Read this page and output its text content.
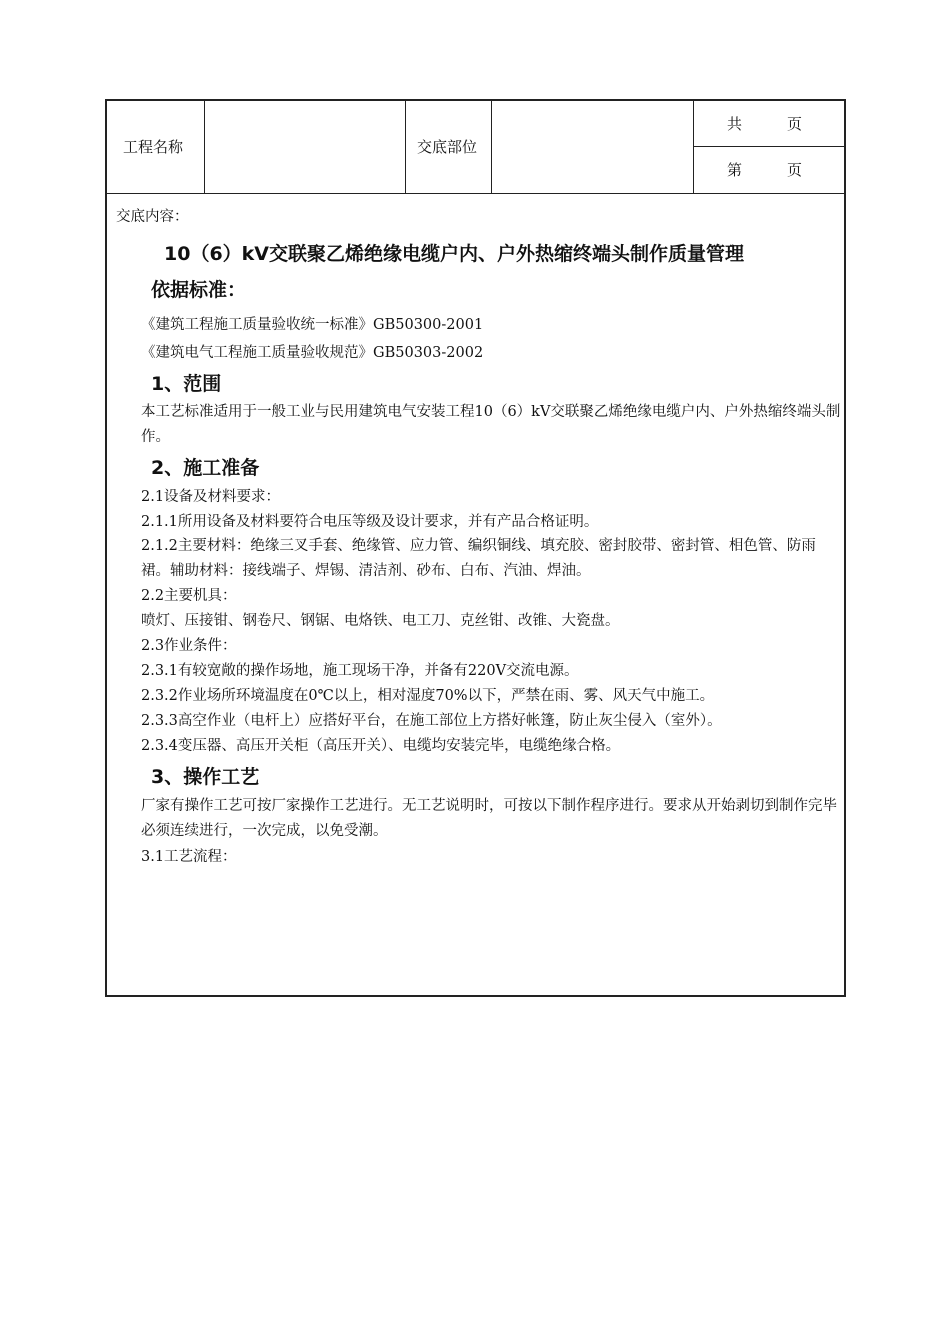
工程名称	交底部位
共　　　页
第　　　页
交底内容：
10（6）kV交联聚乙烯绝缘电缆户内、户外热缩终端头制作质量管理
依据标准：
《建筑工程施工质量验收统一标准》GB50300-2001
《建筑电气工程施工质量验收规范》GB50303-2002
1、范围
本工艺标准适用于一般工业与民用建筑电气安装工程10（6）kV交联聚乙烯绝缘电缆户内、户外热缩终端头制作。
2、施工准备
2.1设备及材料要求：
2.1.1所用设备及材料要符合电压等级及设计要求，并有产品合格证明。
2.1.2主要材料：绝缘三叉手套、绝缘管、应力管、编织铜线、填充胶、密封胶带、密封管、相色管、防雨裙。辅助材料：接线端子、焊锡、清洁剂、砂布、白布、汽油、焊油。
2.2主要机具：
喷灯、压接钳、钢卷尺、钢锯、电烙铁、电工刀、克丝钳、改锥、大瓷盘。
2.3作业条件：
2.3.1有较宽敞的操作场地，施工现场干净，并备有220V交流电源。
2.3.2作业场所环境温度在0℃以上，相对湿度70%以下，严禁在雨、雾、风天气中施工。
2.3.3高空作业（电杆上）应搭好平台，在施工部位上方搭好帐篷，防止灰尘侵入（室外）。
2.3.4变压器、高压开关柜（高压开关）、电缆均安装完毕，电缆绝缘合格。
3、操作工艺
厂家有操作工艺可按厂家操作工艺进行。无工艺说明时，可按以下制作程序进行。要求从开始剥切到制作完毕必须连续进行，一次完成，以免受潮。
3.1工艺流程：
